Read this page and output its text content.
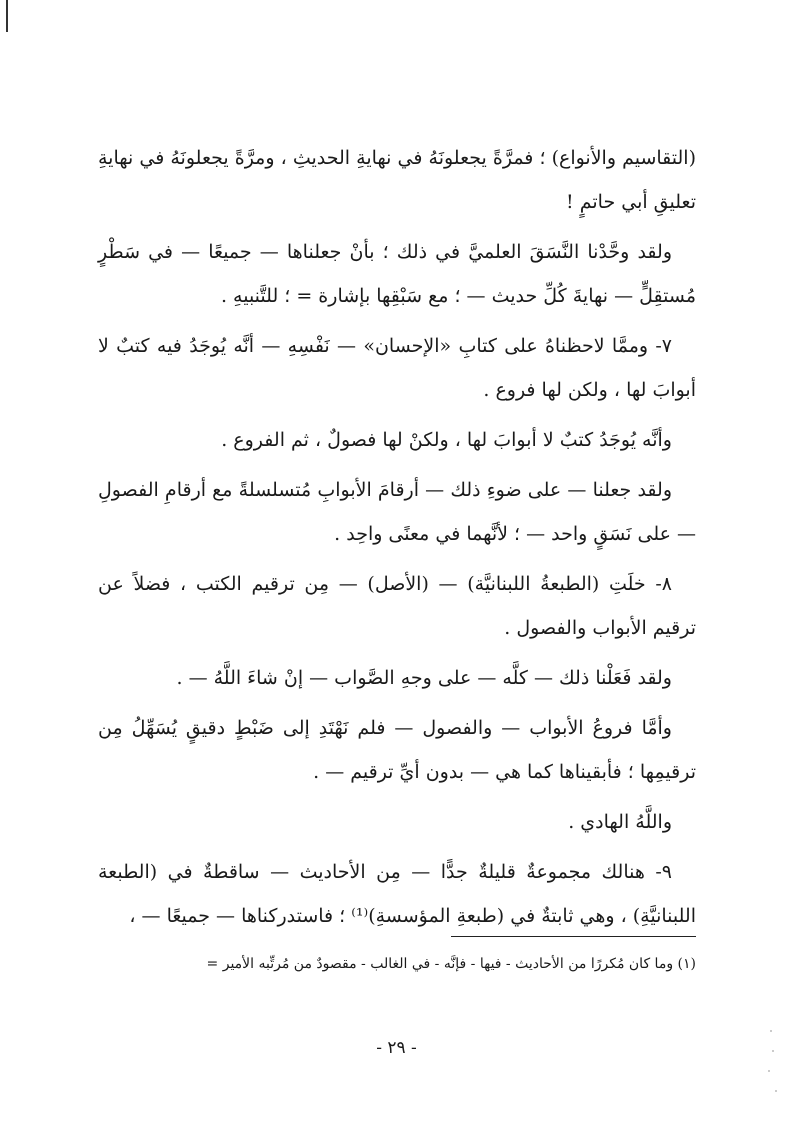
(التقاسيم والأنواع) ؛ فمرَّةً يجعلونَهُ في نهايةِ الحديثِ ، ومرَّةً يجعلونَهُ في نهايةِ تعليقِ أبي حاتمٍ !

ولقد وحَّدْنا النَّسَقَ العلميَّ في ذلك ؛ بأنْ جعلناها — جميعًا — في سَطْرٍ مُستقِلٍّ — نهايةَ كُلِّ حديث — ؛ مع سَبْقِها بإشارة = ؛ للتَّنبيهِ .

٧- وممَّا لاحظناهُ على كتابِ «الإحسان» — نَفْسِهِ — أنَّه يُوجَدُ فيه كتبٌ لا أبوابَ لها ، ولكن لها فروع .

وأنَّه يُوجَدُ كتبٌ لا أبوابَ لها ، ولكنْ لها فصولٌ ، ثم الفروع .

ولقد جعلنا — على ضوءِ ذلك — أرقامَ الأبوابِ مُتسلسلةً مع أرقامِ الفصولِ — على نَسَقٍ واحد — ؛ لأنَّهما في معنًى واحِد .

٨- خلَتِ (الطبعةُ اللبنانيَّة) — (الأصل) — مِن ترقيم الكتب ، فضلاً عن ترقيم الأبواب والفصول .

ولقد فَعَلْنا ذلك — كلَّه — على وجهِ الصَّواب — إنْ شاءَ اللَّهُ — .

وأمَّا فروعُ الأبواب — والفصول — فلم نَهْتَدِ إلى ضَبْطٍ دقيقٍ يُسَهِّلُ مِن ترقيمِها ؛ فأبقيناها كما هي — بدون أيِّ ترقيم — .

واللَّهُ الهادي .

٩- هنالك مجموعةٌ قليلةٌ جدًّا — مِن الأحاديث — ساقطةٌ في (الطبعة اللبنانيَّةِ) ، وهي ثابتةٌ في (طبعةِ المؤسسةِ)⁽¹⁾ ؛ فاستدركناها — جميعًا — ،

(١) وما كان مُكررًا من الأحاديث - فيها - فإنَّه - في الغالب - مقصودٌ من مُرتِّبه الأمير =
- ٢٩ -
